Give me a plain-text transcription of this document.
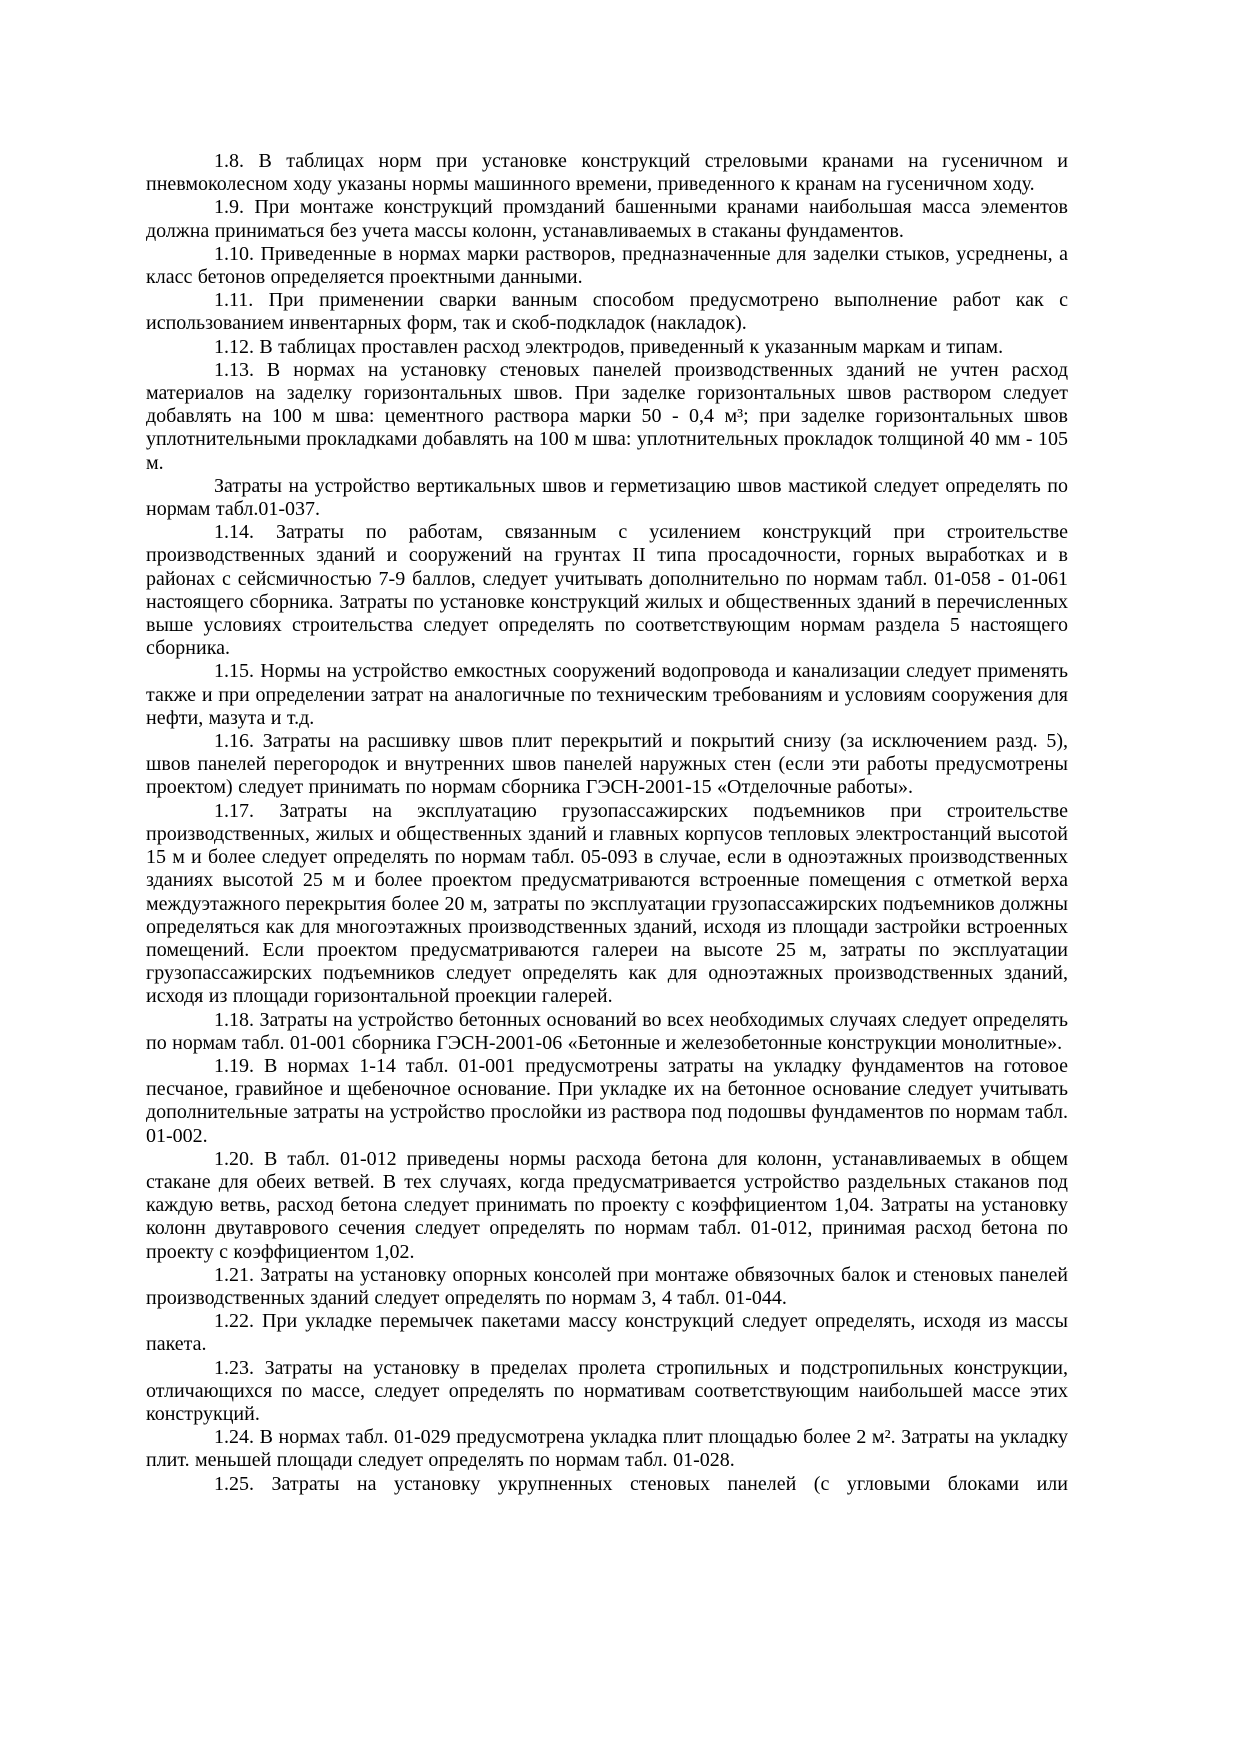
1.8. В таблицах норм при установке конструкций стреловыми кранами на гусеничном и пневмоколесном ходу указаны нормы машинного времени, приведенного к кранам на гусеничном ходу.

1.9. При монтаже конструкций промзданий башенными кранами наибольшая масса элементов должна приниматься без учета массы колонн, устанавливаемых в стаканы фундаментов.

1.10. Приведенные в нормах марки растворов, предназначенные для заделки стыков, усреднены, а класс бетонов определяется проектными данными.

1.11. При применении сварки ванным способом предусмотрено выполнение работ как с использованием инвентарных форм, так и скоб-подкладок (накладок).

1.12. В таблицах проставлен расход электродов, приведенный к указанным маркам и типам.

1.13. В нормах на установку стеновых панелей производственных зданий не учтен расход материалов на заделку горизонтальных швов. При заделке горизонтальных швов раствором следует добавлять на 100 м шва: цементного раствора марки 50 - 0,4 м³; при заделке горизонтальных швов уплотнительными прокладками добавлять на 100 м шва: уплотнительных прокладок толщиной 40 мм - 105 м.

Затраты на устройство вертикальных швов и герметизацию швов мастикой следует определять по нормам табл.01-037.

1.14. Затраты по работам, связанным с усилением конструкций при строительстве производственных зданий и сооружений на грунтах II типа просадочности, горных выработках и в районах с сейсмичностью 7-9 баллов, следует учитывать дополнительно по нормам табл. 01-058 - 01-061 настоящего сборника. Затраты по установке конструкций жилых и общественных зданий в перечисленных выше условиях строительства следует определять по соответствующим нормам раздела 5 настоящего сборника.

1.15. Нормы на устройство емкостных сооружений водопровода и канализации следует применять также и при определении затрат на аналогичные по техническим требованиям и условиям сооружения для нефти, мазута и т.д.

1.16. Затраты на расшивку швов плит перекрытий и покрытий снизу (за исключением разд. 5), швов панелей перегородок и внутренних швов панелей наружных стен (если эти работы предусмотрены проектом) следует принимать по нормам сборника ГЭСН-2001-15 «Отделочные работы».

1.17. Затраты на эксплуатацию грузопассажирских подъемников при строительстве производственных, жилых и общественных зданий и главных корпусов тепловых электростанций высотой 15 м и более следует определять по нормам табл. 05-093 в случае, если в одноэтажных производственных зданиях высотой 25 м и более проектом предусматриваются встроенные помещения с отметкой верха междуэтажного перекрытия более 20 м, затраты по эксплуатации грузопассажирских подъемников должны определяться как для многоэтажных производственных зданий, исходя из площади застройки встроенных помещений. Если проектом предусматриваются галереи на высоте 25 м, затраты по эксплуатации грузопассажирских подъемников следует определять как для одноэтажных производственных зданий, исходя из площади горизонтальной проекции галерей.

1.18. Затраты на устройство бетонных оснований во всех необходимых случаях следует определять по нормам табл. 01-001 сборника ГЭСН-2001-06 «Бетонные и железобетонные конструкции монолитные».

1.19. В нормах 1-14 табл. 01-001 предусмотрены затраты на укладку фундаментов на готовое песчаное, гравийное и щебеночное основание. При укладке их на бетонное основание следует учитывать дополнительные затраты на устройство прослойки из раствора под подошвы фундаментов по нормам табл. 01-002.

1.20. В табл. 01-012 приведены нормы расхода бетона для колонн, устанавливаемых в общем стакане для обеих ветвей. В тех случаях, когда предусматривается устройство раздельных стаканов под каждую ветвь, расход бетона следует принимать по проекту с коэффициентом 1,04. Затраты на установку колонн двутаврового сечения следует определять по нормам табл. 01-012, принимая расход бетона по проекту с коэффициентом 1,02.

1.21. Затраты на установку опорных консолей при монтаже обвязочных балок и стеновых панелей производственных зданий следует определять по нормам 3, 4 табл. 01-044.

1.22. При укладке перемычек пакетами массу конструкций следует определять, исходя из массы пакета.

1.23. Затраты на установку в пределах пролета стропильных и подстропильных конструкции, отличающихся по массе, следует определять по нормативам соответствующим наибольшей массе этих конструкций.

1.24. В нормах табл. 01-029 предусмотрена укладка плит площадью более 2 м². Затраты на укладку плит. меньшей площади следует определять по нормам табл. 01-028.

1.25. Затраты на установку укрупненных стеновых панелей (с угловыми блоками или
